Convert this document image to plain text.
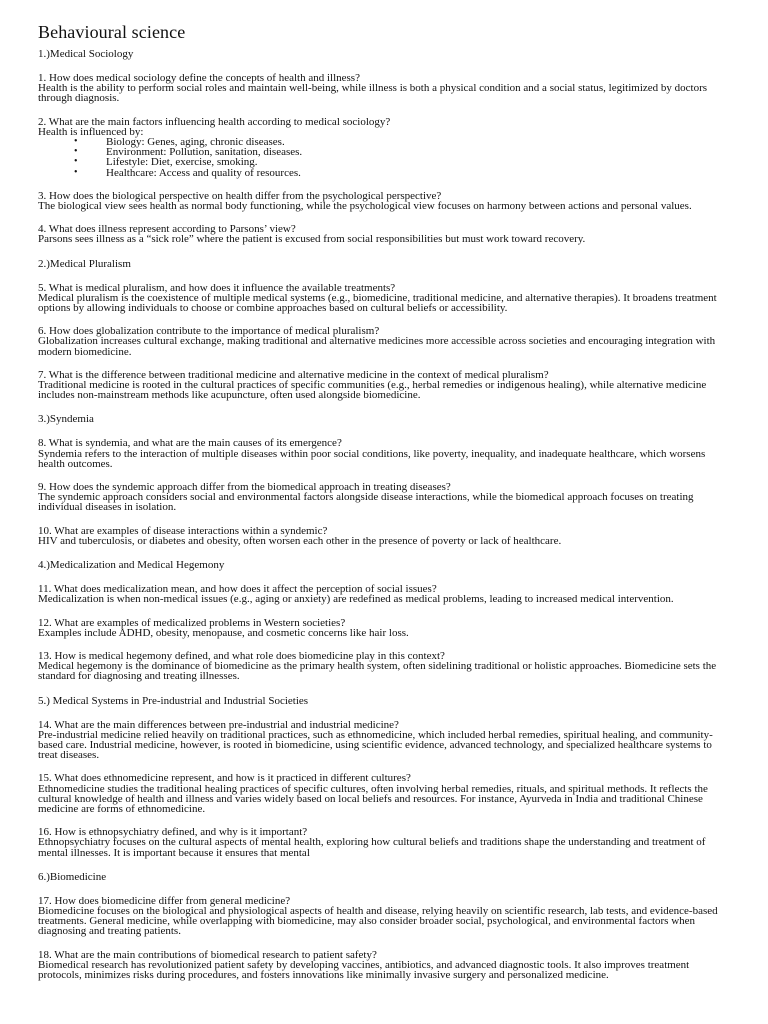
Behavioural science
1.)Medical Sociology

1. How does medical sociology define the concepts of health and illness?

Health is the ability to perform social roles and maintain well-being, while illness is both a physical condition and a social status, legitimized by doctors through diagnosis.

2. What are the main factors influencing health according to medical sociology?

Health is influenced by:

• Biology: Genes, aging, chronic diseases.
• Environment: Pollution, sanitation, diseases.
• Lifestyle: Diet, exercise, smoking.
• Healthcare: Access and quality of resources.

3. How does the biological perspective on health differ from the psychological perspective?

The biological view sees health as normal body functioning, while the psychological view focuses on harmony between actions and personal values.

4. What does illness represent according to Parsons’ view?

Parsons sees illness as a “sick role” where the patient is excused from social responsibilities but must work toward recovery.

2.)Medical Pluralism

5. What is medical pluralism, and how does it influence the available treatments?

Medical pluralism is the coexistence of multiple medical systems (e.g., biomedicine, traditional medicine, and alternative therapies). It broadens treatment options by allowing individuals to choose or combine approaches based on cultural beliefs or accessibility.

6. How does globalization contribute to the importance of medical pluralism?

Globalization increases cultural exchange, making traditional and alternative medicines more accessible across societies and encouraging integration with modern biomedicine.

7. What is the difference between traditional medicine and alternative medicine in the context of medical pluralism?

Traditional medicine is rooted in the cultural practices of specific communities (e.g., herbal remedies or indigenous healing), while alternative medicine includes non-mainstream methods like acupuncture, often used alongside biomedicine.

3.)Syndemia

8. What is syndemia, and what are the main causes of its emergence?

Syndemia refers to the interaction of multiple diseases within poor social conditions, like poverty, inequality, and inadequate healthcare, which worsens health outcomes.

9. How does the syndemic approach differ from the biomedical approach in treating diseases?

The syndemic approach considers social and environmental factors alongside disease interactions, while the biomedical approach focuses on treating individual diseases in isolation.

10. What are examples of disease interactions within a syndemic?

HIV and tuberculosis, or diabetes and obesity, often worsen each other in the presence of poverty or lack of healthcare.

4.)Medicalization and Medical Hegemony

11. What does medicalization mean, and how does it affect the perception of social issues?

Medicalization is when non-medical issues (e.g., aging or anxiety) are redefined as medical problems, leading to increased medical intervention.

12. What are examples of medicalized problems in Western societies?

Examples include ADHD, obesity, menopause, and cosmetic concerns like hair loss.

13. How is medical hegemony defined, and what role does biomedicine play in this context?

Medical hegemony is the dominance of biomedicine as the primary health system, often sidelining traditional or holistic approaches. Biomedicine sets the standard for diagnosing and treating illnesses.

5.) Medical Systems in Pre-industrial and Industrial Societies

14. What are the main differences between pre-industrial and industrial medicine?

Pre-industrial medicine relied heavily on traditional practices, such as ethnomedicine, which included herbal remedies, spiritual healing, and community-based care. Industrial medicine, however, is rooted in biomedicine, using scientific evidence, advanced technology, and specialized healthcare systems to treat diseases.

15. What does ethnomedicine represent, and how is it practiced in different cultures?

Ethnomedicine studies the traditional healing practices of specific cultures, often involving herbal remedies, rituals, and spiritual methods. It reflects the cultural knowledge of health and illness and varies widely based on local beliefs and resources. For instance, Ayurveda in India and traditional Chinese medicine are forms of ethnomedicine.

16. How is ethnopsychiatry defined, and why is it important?

Ethnopsychiatry focuses on the cultural aspects of mental health, exploring how cultural beliefs and traditions shape the understanding and treatment of mental illnesses. It is important because it ensures that mental

6.)Biomedicine

17. How does biomedicine differ from general medicine?

Biomedicine focuses on the biological and physiological aspects of health and disease, relying heavily on scientific research, lab tests, and evidence-based treatments. General medicine, while overlapping with biomedicine, may also consider broader social, psychological, and environmental factors when diagnosing and treating patients.

18. What are the main contributions of biomedical research to patient safety?

Biomedical research has revolutionized patient safety by developing vaccines, antibiotics, and advanced diagnostic tools. It also improves treatment protocols, minimizes risks during procedures, and fosters innovations like minimally invasive surgery and personalized medicine.
